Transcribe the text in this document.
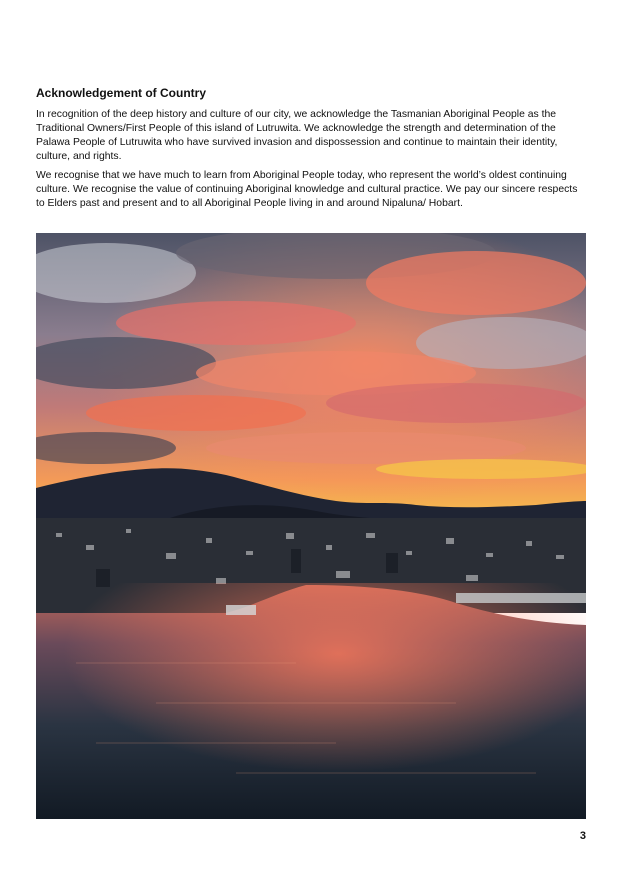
Acknowledgement of Country

In recognition of the deep history and culture of our city, we acknowledge the Tasmanian Aboriginal People as the Traditional Owners/First People of this island of Lutruwita. We acknowledge the strength and determination of the Palawa People of Lutruwita who have survived invasion and dispossession and continue to maintain their identity, culture, and rights.

We recognise that we have much to learn from Aboriginal People today, who represent the world’s oldest continuing culture. We recognise the value of continuing Aboriginal knowledge and cultural practice. We pay our sincere respects to Elders past and present and to all Aboriginal People living in and around Nipaluna/ Hobart.

3
